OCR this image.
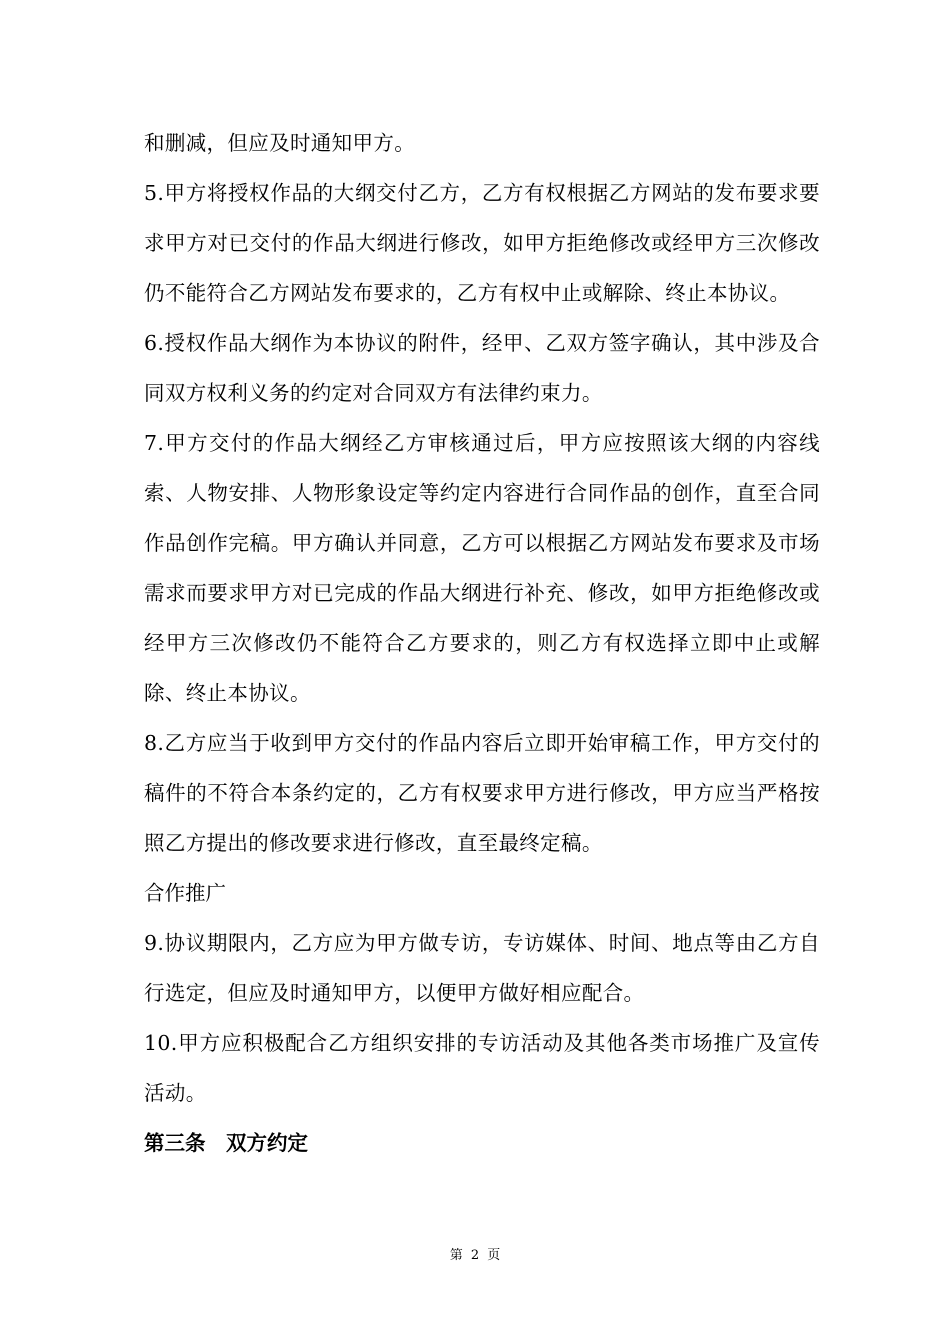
和删减，但应及时通知甲方。

5.甲方将授权作品的大纲交付乙方，乙方有权根据乙方网站的发布要求要求甲方对已交付的作品大纲进行修改，如甲方拒绝修改或经甲方三次修改仍不能符合乙方网站发布要求的，乙方有权中止或解除、终止本协议。

6.授权作品大纲作为本协议的附件，经甲、乙双方签字确认，其中涉及合同双方权利义务的约定对合同双方有法律约束力。

7.甲方交付的作品大纲经乙方审核通过后，甲方应按照该大纲的内容线索、人物安排、人物形象设定等约定内容进行合同作品的创作，直至合同作品创作完稿。甲方确认并同意，乙方可以根据乙方网站发布要求及市场需求而要求甲方对已完成的作品大纲进行补充、修改，如甲方拒绝修改或经甲方三次修改仍不能符合乙方要求的，则乙方有权选择立即中止或解除、终止本协议。

8.乙方应当于收到甲方交付的作品内容后立即开始审稿工作，甲方交付的稿件的不符合本条约定的，乙方有权要求甲方进行修改，甲方应当严格按照乙方提出的修改要求进行修改，直至最终定稿。

合作推广

9.协议期限内，乙方应为甲方做专访，专访媒体、时间、地点等由乙方自行选定，但应及时通知甲方，以便甲方做好相应配合。

10.甲方应积极配合乙方组织安排的专访活动及其他各类市场推广及宣传活动。

第三条　双方约定

第 2 页
